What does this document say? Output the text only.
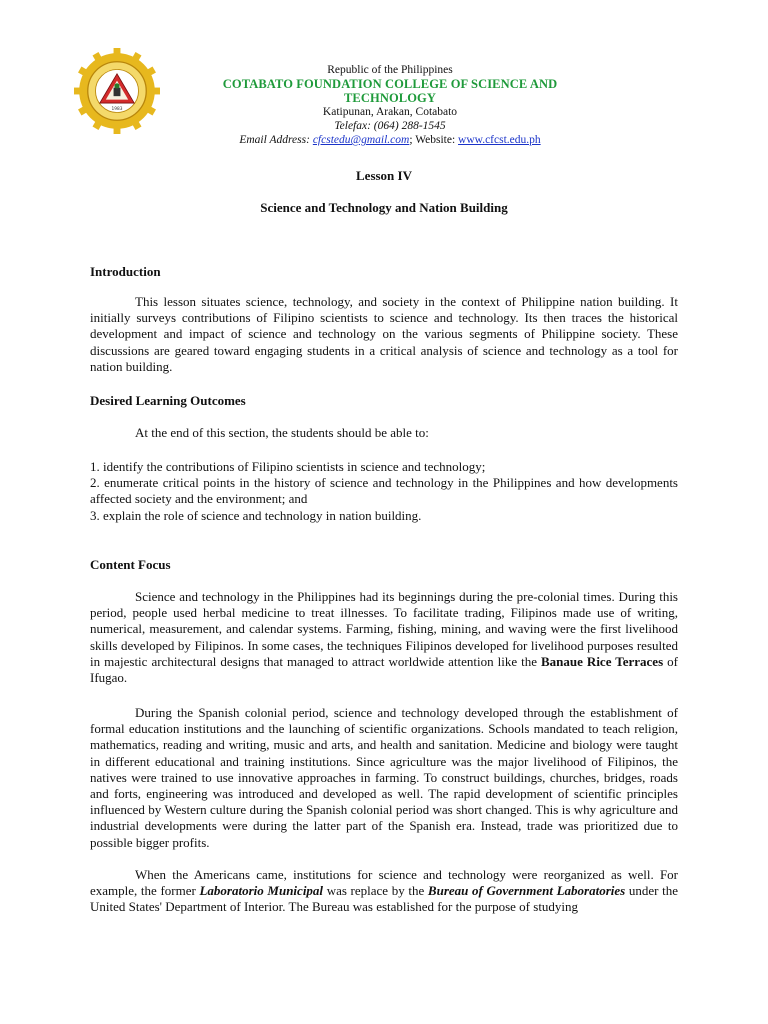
1983
Republic of the Philippines
COTABATO FOUNDATION COLLEGE OF SCIENCE AND TECHNOLOGY
Katipunan, Arakan, Cotabato
Telefax: (064) 288-1545
Email Address: cfcstedu@gmail.com; Website: www.cfcst.edu.ph
Lesson IV
Science and Technology and Nation Building

Introduction

This lesson situates science, technology, and society in the context of Philippine nation building. It initially surveys contributions of Filipino scientists to science and technology. Its then traces the historical development and impact of science and technology on the various segments of Philippine society. These discussions are geared toward engaging students in a critical analysis of science and technology as a tool for nation building.

Desired Learning Outcomes

At the end of this section, the students should be able to:

1. identify the contributions of Filipino scientists in science and technology;

2. enumerate critical points in the history of science and technology in the Philippines and how developments affected society and the environment; and

3. explain the role of science and technology in nation building.

Content Focus

Science and technology in the Philippines had its beginnings during the pre-colonial times. During this period, people used herbal medicine to treat illnesses. To facilitate trading, Filipinos made use of writing, numerical, measurement, and calendar systems. Farming, fishing, mining, and waving were the first livelihood skills developed by Filipinos. In some cases, the techniques Filipinos developed for livelihood purposes resulted in majestic architectural designs that managed to attract worldwide attention like the Banaue Rice Terraces of Ifugao.

During the Spanish colonial period, science and technology developed through the establishment of formal education institutions and the launching of scientific organizations. Schools mandated to teach religion, mathematics, reading and writing, music and arts, and health and sanitation. Medicine and biology were taught in different educational and training institutions. Since agriculture was the major livelihood of Filipinos, the natives were trained to use innovative approaches in farming. To construct buildings, churches, bridges, roads and forts, engineering was introduced and developed as well. The rapid development of scientific principles influenced by Western culture during the Spanish colonial period was short changed. This is why agriculture and industrial developments were during the latter part of the Spanish era. Instead, trade was prioritized due to possible bigger profits.

When the Americans came, institutions for science and technology were reorganized as well. For example, the former Laboratorio Municipal was replace by the Bureau of Government Laboratories under the United States' Department of Interior. The Bureau was established for the purpose of studying
